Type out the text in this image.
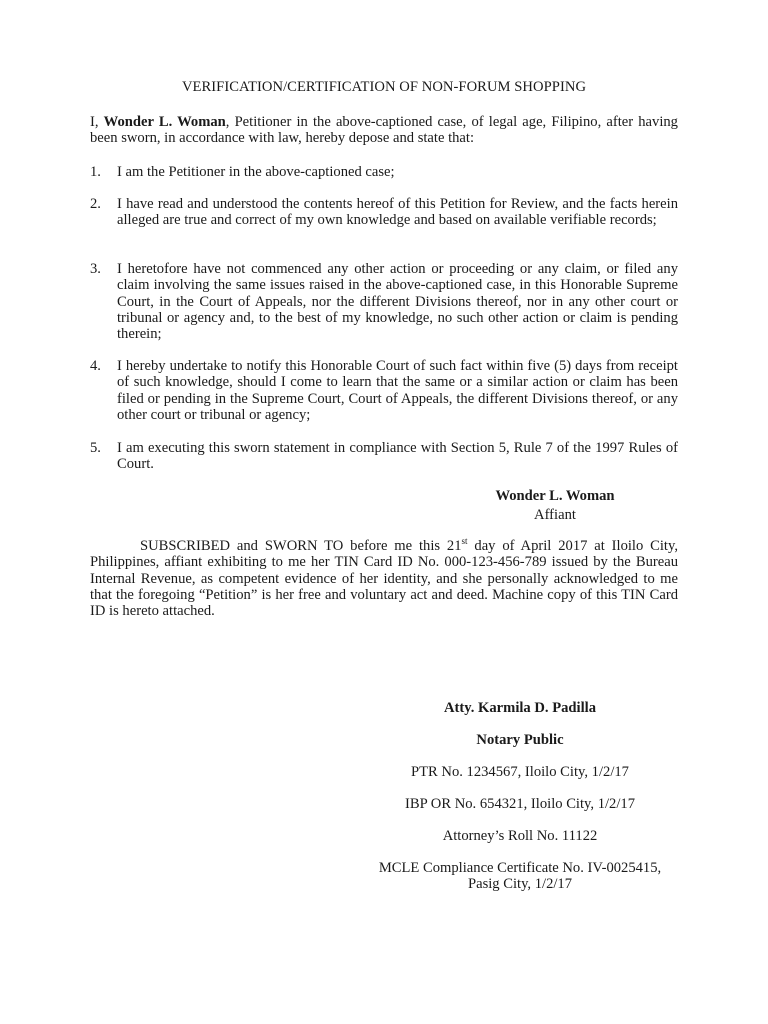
VERIFICATION/CERTIFICATION OF NON-FORUM SHOPPING

I, Wonder L. Woman, Petitioner in the above-captioned case, of legal age, Filipino, after having been sworn, in accordance with law, hereby depose and state that:

1.	I am the Petitioner in the above-captioned case;
2.	I have read and understood the contents hereof of this Petition for Review, and the facts herein alleged are true and correct of my own knowledge and based on available verifiable records;
3.	I heretofore have not commenced any other action or proceeding or any claim, or filed any claim involving the same issues raised in the above-captioned case, in this Honorable Supreme Court, in the Court of Appeals, nor the different Divisions thereof, nor in any other court or tribunal or agency and, to the best of my knowledge, no such other action or claim is pending therein;
4.	I hereby undertake to notify this Honorable Court of such fact within five (5) days from receipt of such knowledge, should I come to learn that the same or a similar action or claim has been filed or pending in the Supreme Court, Court of Appeals, the different Divisions thereof, or any other court or tribunal or agency;
5.	I am executing this sworn statement in compliance with Section 5, Rule 7 of the 1997 Rules of Court.
Wonder L. Woman
Affiant

SUBSCRIBED and SWORN TO before me this 21st day of April 2017 at Iloilo City, Philippines, affiant exhibiting to me her TIN Card ID No. 000-123-456-789 issued by the Bureau Internal Revenue, as competent evidence of her identity, and she personally acknowledged to me that the foregoing “Petition” is her free and voluntary act and deed. Machine copy of this TIN Card ID is hereto attached.

Atty. Karmila D. Padilla
Notary Public
PTR No. 1234567, Iloilo City, 1/2/17
IBP OR No. 654321, Iloilo City, 1/2/17
Attorney’s Roll No. 11122
MCLE Compliance Certificate No. IV-0025415,
Pasig City, 1/2/17
